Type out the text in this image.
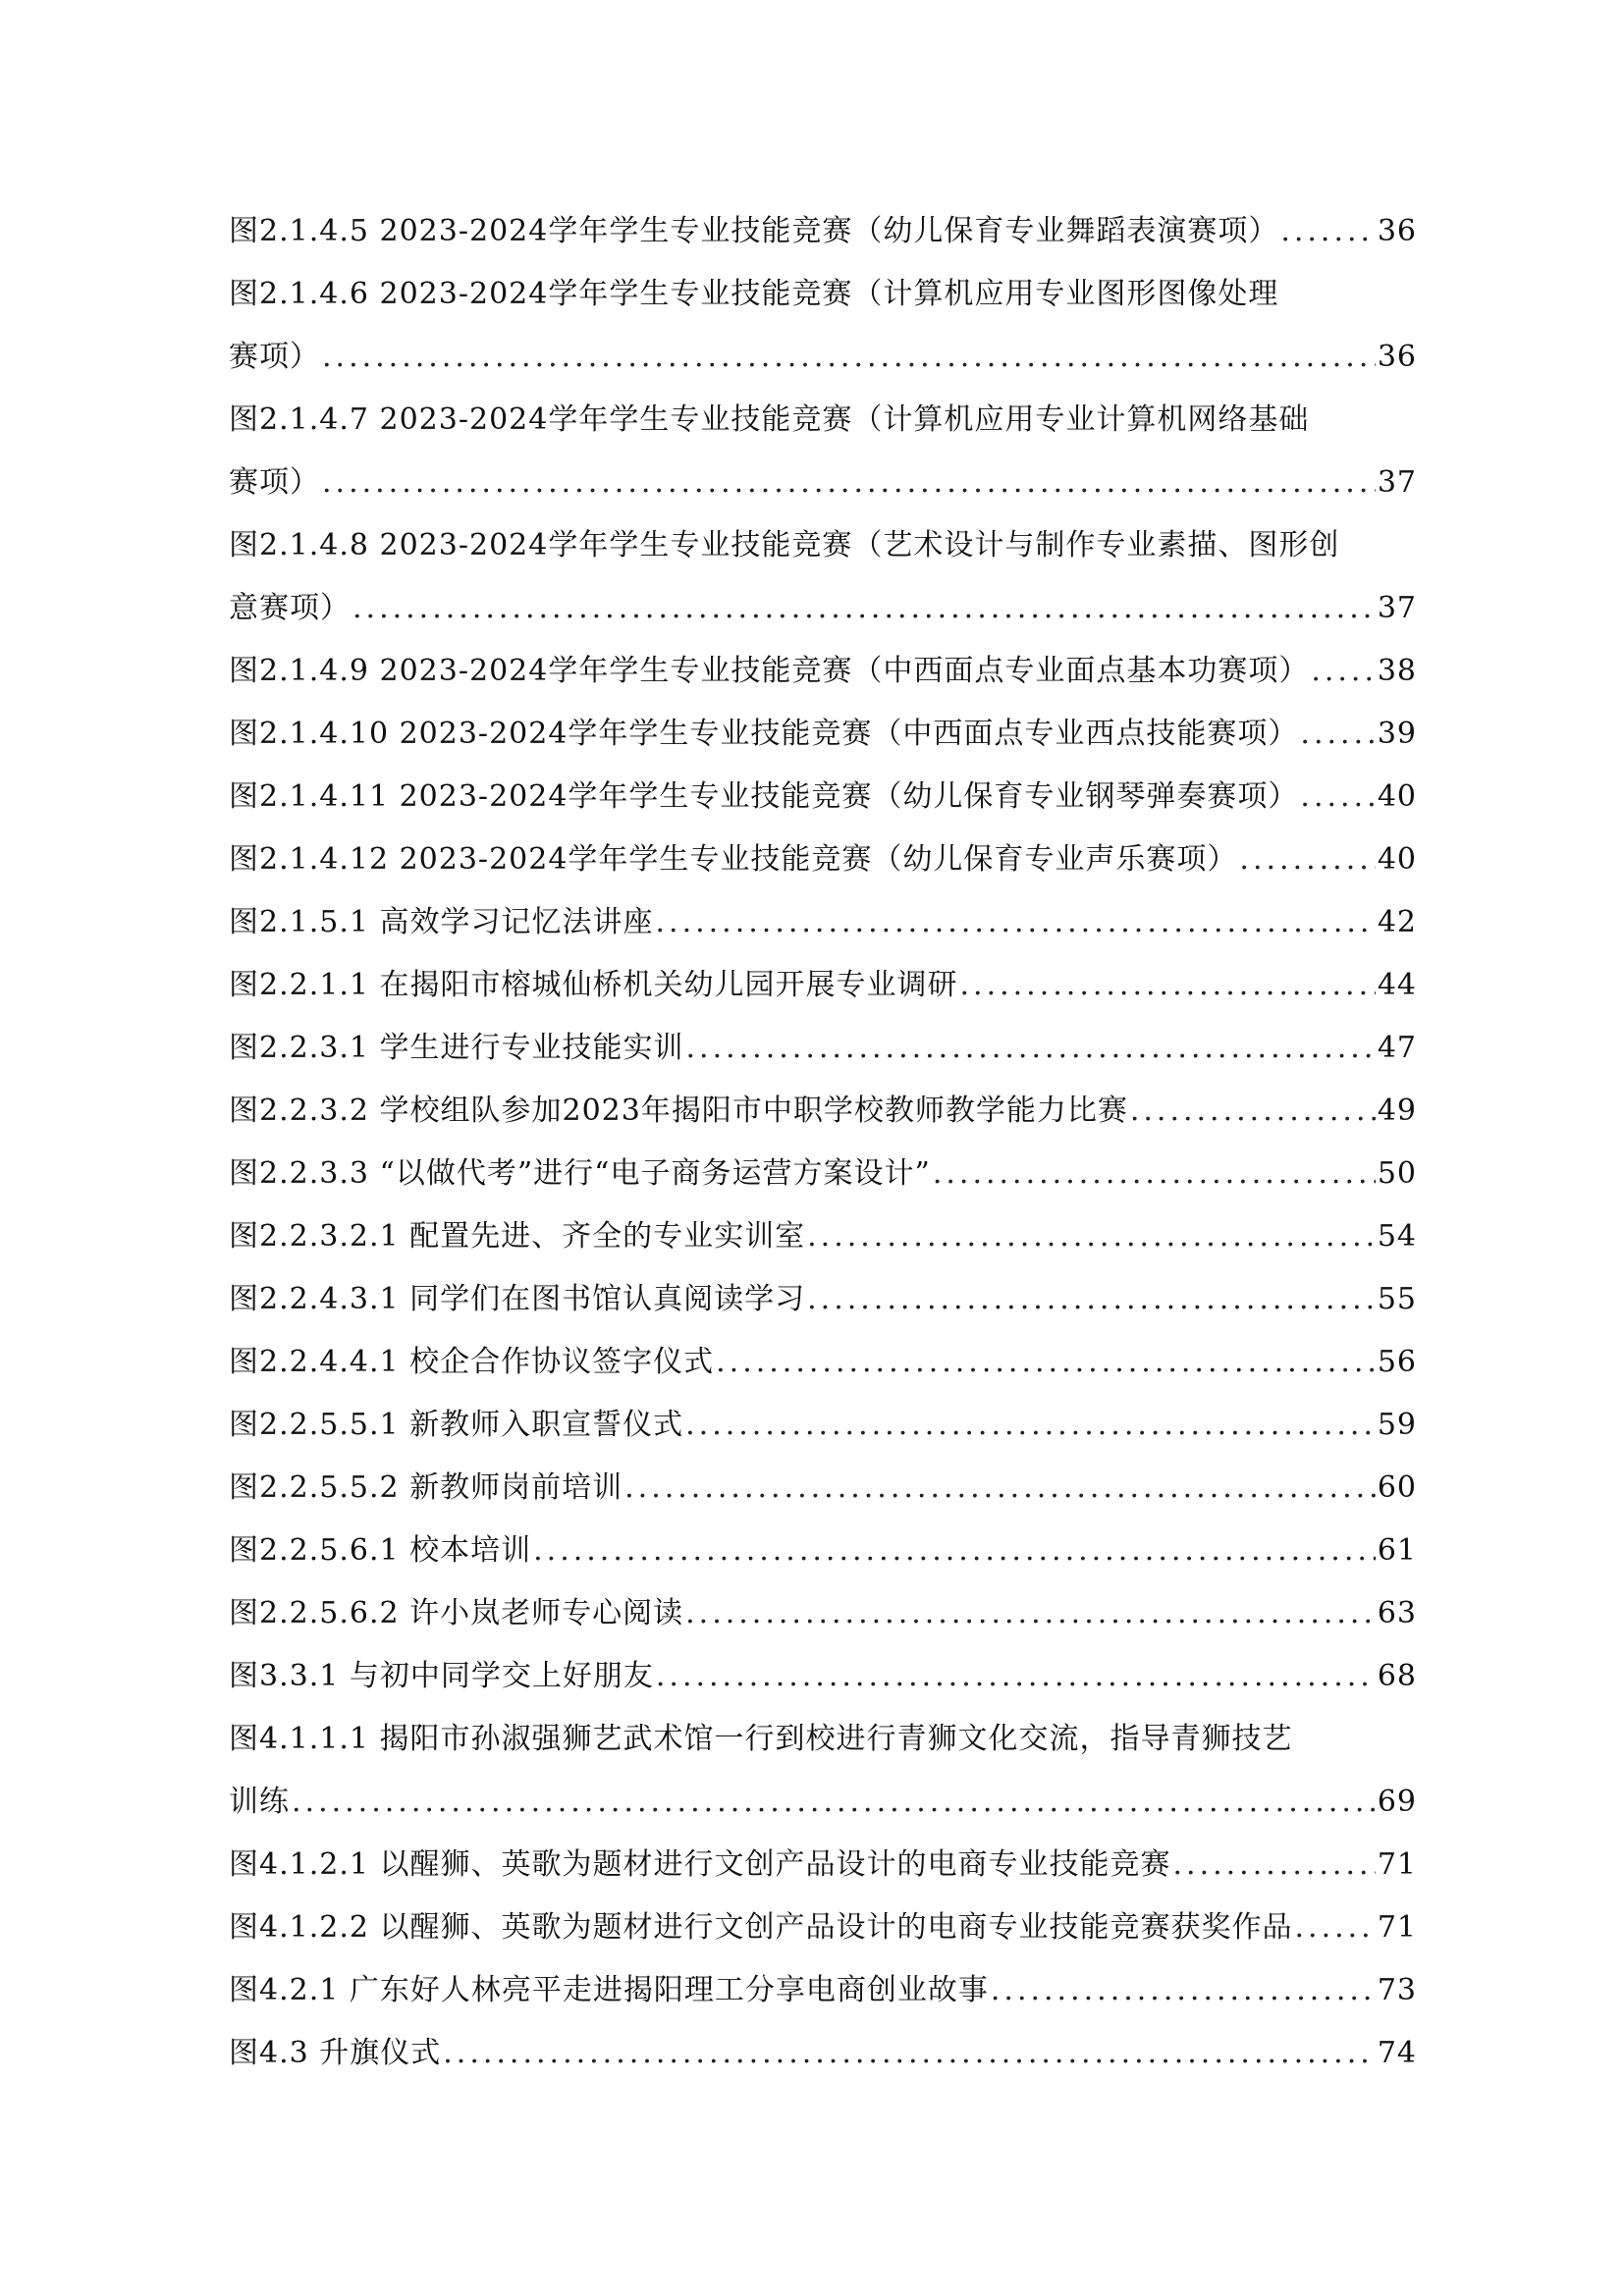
图2.1.4.5 2023-2024学年学生专业技能竞赛（幼儿保育专业舞蹈表演赛项） .....	36
图2.1.4.6 2023-2024学年学生专业技能竞赛（计算机应用专业图形图像处理
赛项） .....	36
图2.1.4.7 2023-2024学年学生专业技能竞赛（计算机应用专业计算机网络基础
赛项） .....	37
图2.1.4.8 2023-2024学年学生专业技能竞赛（艺术设计与制作专业素描、图形创
意赛项） .....	37
图2.1.4.9 2023-2024学年学生专业技能竞赛（中西面点专业面点基本功赛项） ..... 38
图2.1.4.10 2023-2024学年学生专业技能竞赛（中西面点专业西点技能赛项） .....	39
图2.1.4.11 2023-2024学年学生专业技能竞赛（幼儿保育专业钢琴弹奏赛项） .....	40
图2.1.4.12 2023-2024学年学生专业技能竞赛（幼儿保育专业声乐赛项） .....	40
图2.1.5.1 高效学习记忆法讲座 .....	42
图2.2.1.1 在揭阳市榕城仙桥机关幼儿园开展专业调研 .....	44
图2.2.3.1 学生进行专业技能实训 .....	47
图2.2.3.2 学校组队参加2023年揭阳市中职学校教师教学能力比赛 .....	49
图2.2.3.3 “以做代考”进行“电子商务运营方案设计” .....	50
图2.2.3.2.1 配置先进、齐全的专业实训室 .....	54
图2.2.4.3.1 同学们在图书馆认真阅读学习 .....	55
图2.2.4.4.1 校企合作协议签字仪式 .....	56
图2.2.5.5.1 新教师入职宣誓仪式 .....	59
图2.2.5.5.2 新教师岗前培训 .....	60
图2.2.5.6.1 校本培训 .....	61
图2.2.5.6.2 许小岚老师专心阅读 .....	63
图3.3.1 与初中同学交上好朋友 .....	68
图4.1.1.1 揭阳市孙淑强狮艺武术馆一行到校进行青狮文化交流，指导青狮技艺
训练 .....	69
图4.1.2.1 以醒狮、英歌为题材进行文创产品设计的电商专业技能竞赛 .....	71
图4.1.2.2 以醒狮、英歌为题材进行文创产品设计的电商专业技能竞赛获奖作品 .....	71
图4.2.1 广东好人林亮平走进揭阳理工分享电商创业故事 .....	73
图4.3 升旗仪式 .....	74
